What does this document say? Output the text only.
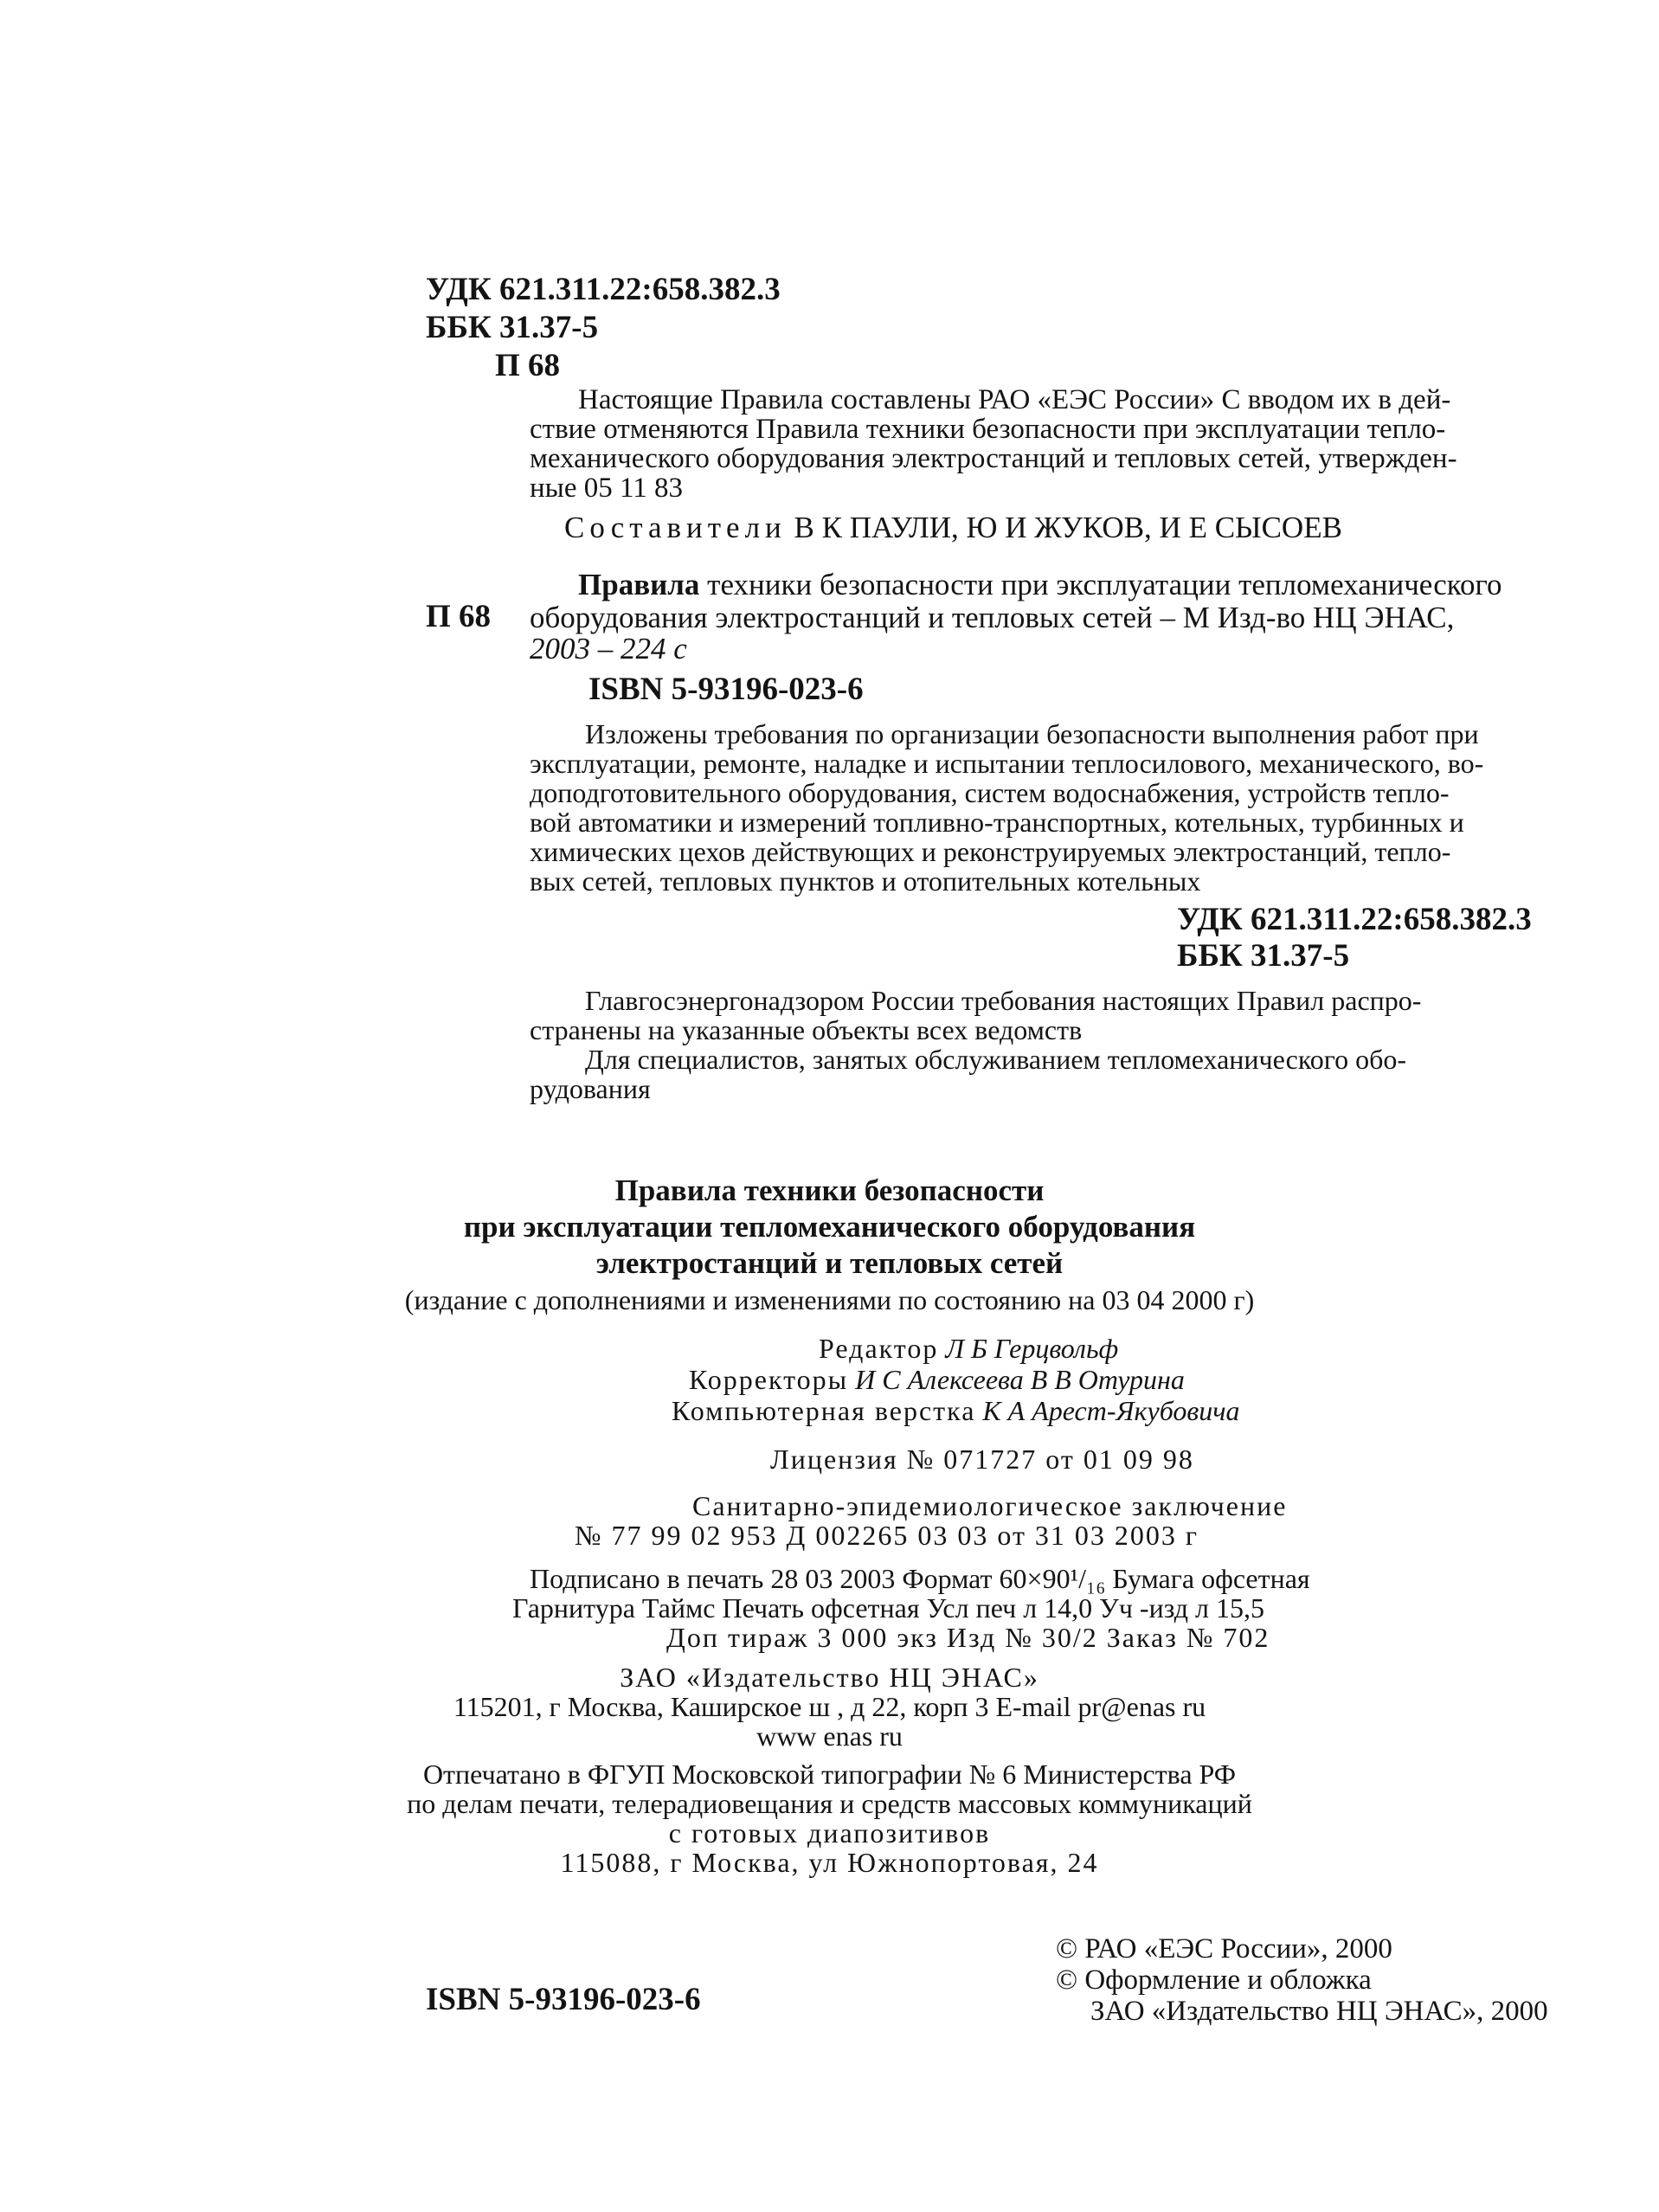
УДК 621.311.22:658.382.3
ББК 31.37-5
П 68
Настоящие Правила составлены РАО «ЕЭС России» С вводом их в дей-
ствие отменяются Правила техники безопасности при эксплуатации тепло-
механического оборудования электростанций и тепловых сетей, утвержден-
ные 05 11 83
Составители В К ПАУЛИ, Ю И ЖУКОВ, И Е СЫСОЕВ
Правила техники безопасности при эксплуатации тепломеханического
П 68 оборудования электростанций и тепловых сетей – М Изд-во НЦ ЭНАС,
2003 – 224 с
ISBN 5-93196-023-6
Изложены требования по организации безопасности выполнения работ при
эксплуатации, ремонте, наладке и испытании теплосилового, механического, во-
доподготовительного оборудования, систем водоснабжения, устройств тепло-
вой автоматики и измерений топливно-транспортных, котельных, турбинных и
химических цехов действующих и реконструируемых электростанций, тепло-
вых сетей, тепловых пунктов и отопительных котельных
УДК 621.311.22:658.382.3
ББК 31.37-5
Главгосэнергонадзором России требования настоящих Правил распро-
странены на указанные объекты всех ведомств
Для специалистов, занятых обслуживанием тепломеханического обо-
рудования
Правила техники безопасности
при эксплуатации тепломеханического оборудования
электростанций и тепловых сетей
(издание с дополнениями и изменениями по состоянию на 03 04 2000 г)
Редактор Л Б Герцвольф
Корректоры И С Алексеева В В Отурина
Компьютерная верстка К А Арест-Якубовича
Лицензия № 071727 от 01 09 98
Санитарно-эпидемиологическое заключение
№ 77 99 02 953 Д 002265 03 03 от 31 03 2003 г
Подписано в печать 28 03 2003 Формат 60×90¹/₁₆ Бумага офсетная
Гарнитура Таймс Печать офсетная Усл печ л 14,0 Уч -изд л 15,5
Доп тираж 3 000 экз Изд № 30/2 Заказ № 702
ЗАО «Издательство НЦ ЭНАС»
115201, г Москва, Каширское ш , д 22, корп 3 E-mail pr@enas ru
www enas ru
Отпечатано в ФГУП Московской типографии № 6 Министерства РФ
по делам печати, телерадиовещания и средств массовых коммуникаций
с готовых диапозитивов
115088, г Москва, ул Южнопортовая, 24
© РАО «ЕЭС России», 2000
© Оформление и обложка
ЗАО «Издательство НЦ ЭНАС», 2000
ISBN 5-93196-023-6
